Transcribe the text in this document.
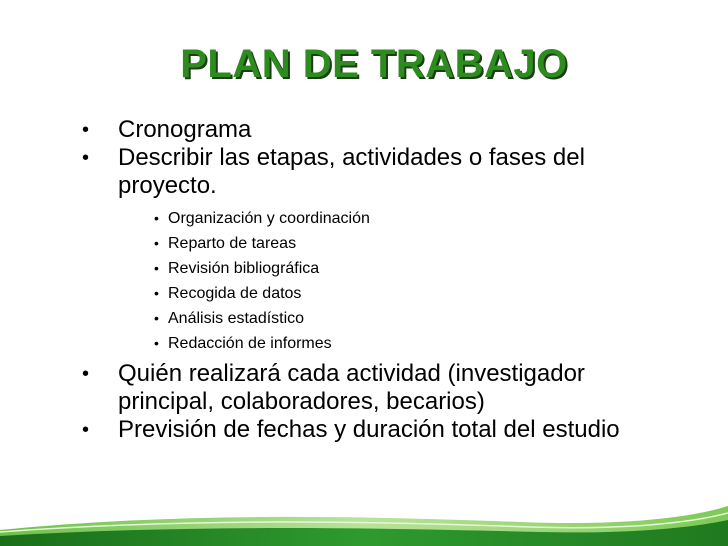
PLAN DE TRABAJO
• Cronograma
• Describir las etapas, actividades o fases del proyecto.
• Organización y coordinación
• Reparto de tareas
• Revisión bibliográfica
• Recogida de datos
• Análisis estadístico
• Redacción de informes
• Quién realizará cada actividad (investigador principal, colaboradores, becarios)
• Previsión de fechas y duración total del estudio
